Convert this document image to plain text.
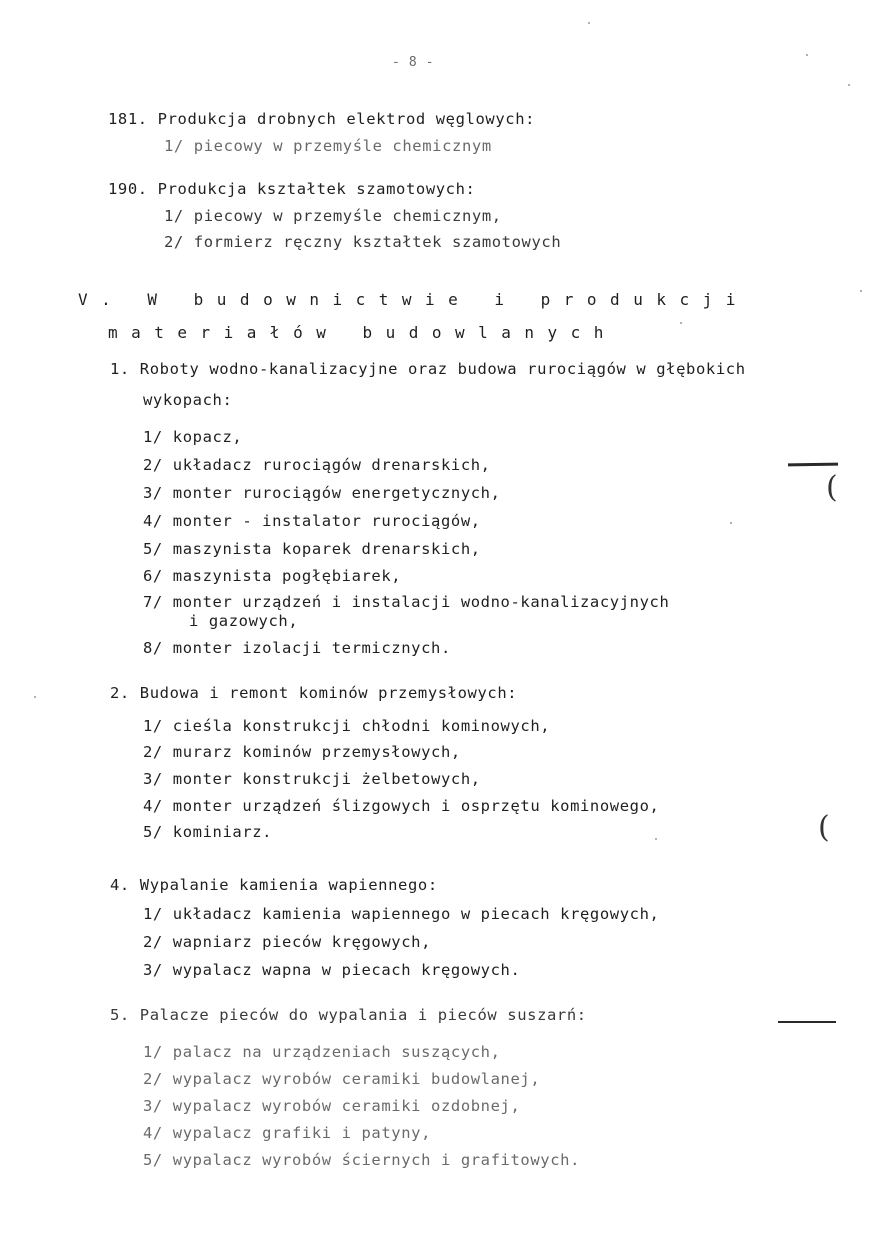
- 8 -
181. Produkcja drobnych elektrod węglowych:
1/ piecowy w przemyśle chemicznym
190. Produkcja kształtek szamotowych:
1/ piecowy w przemyśle chemicznym,
2/ formierz ręczny kształtek szamotowych
V. W budownictwie i produkcji
materiałów budowlanych
1. Roboty wodno-kanalizacyjne oraz budowa rurociągów w głębokich
wykopach:
1/ kopacz,
2/ układacz rurociągów drenarskich,
3/ monter rurociągów energetycznych,
4/ monter - instalator rurociągów,
5/ maszynista koparek drenarskich,
6/ maszynista pogłębiarek,
7/ monter urządzeń i instalacji wodno-kanalizacyjnych
i gazowych,
8/ monter izolacji termicznych.
2. Budowa i remont kominów przemysłowych:
1/ cieśla konstrukcji chłodni kominowych,
2/ murarz kominów przemysłowych,
3/ monter konstrukcji żelbetowych,
4/ monter urządzeń ślizgowych i osprzętu kominowego,
5/ kominiarz.
4. Wypalanie kamienia wapiennego:
1/ układacz kamienia wapiennego w piecach kręgowych,
2/ wapniarz pieców kręgowych,
3/ wypalacz wapna w piecach kręgowych.
5. Palacze pieców do wypalania i pieców suszarń:
1/ palacz na urządzeniach suszących,
2/ wypalacz wyrobów ceramiki budowlanej,
3/ wypalacz wyrobów ceramiki ozdobnej,
4/ wypalacz grafiki i patyny,
5/ wypalacz wyrobów ściernych i grafitowych.
(
(
